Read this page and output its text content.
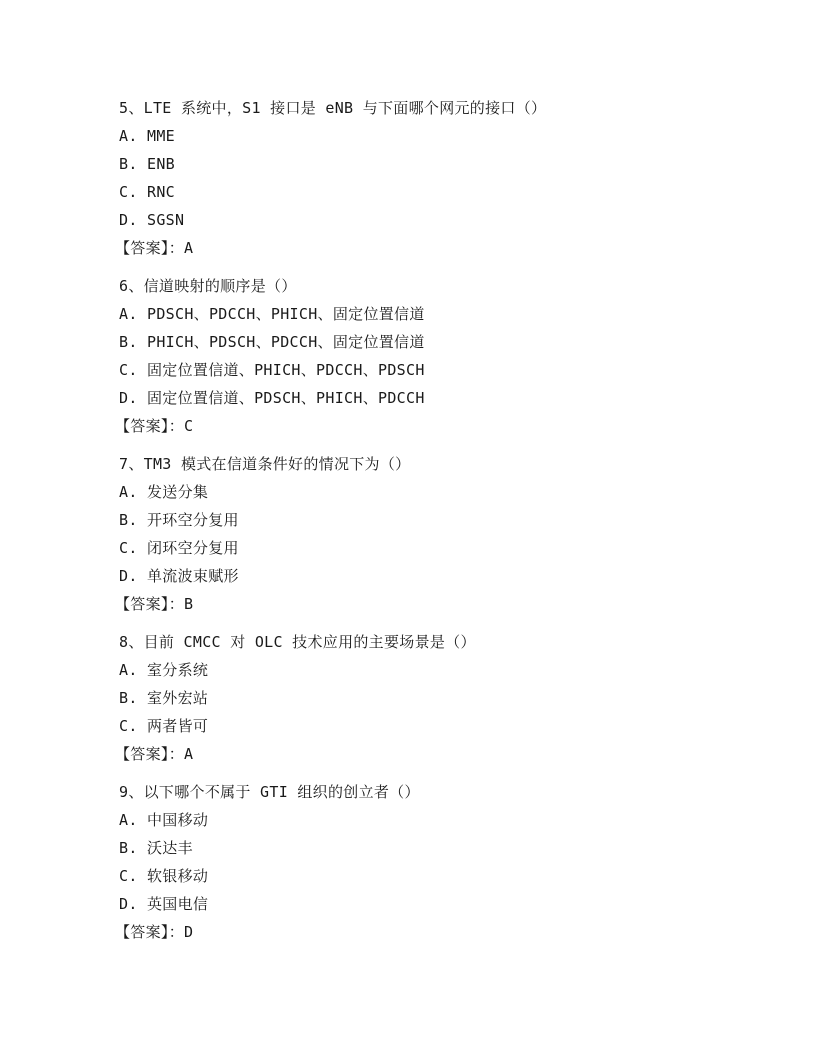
5、LTE 系统中，S1 接口是 eNB 与下面哪个网元的接口（）
A. MME
B. ENB
C. RNC
D. SGSN
【答案】：A
6、信道映射的顺序是（）
A. PDSCH、PDCCH、PHICH、固定位置信道
B. PHICH、PDSCH、PDCCH、固定位置信道
C. 固定位置信道、PHICH、PDCCH、PDSCH
D. 固定位置信道、PDSCH、PHICH、PDCCH
【答案】：C
7、TM3 模式在信道条件好的情况下为（）
A. 发送分集
B. 开环空分复用
C. 闭环空分复用
D. 单流波束赋形
【答案】：B
8、目前 CMCC 对 OLC 技术应用的主要场景是（）
A. 室分系统
B. 室外宏站
C. 两者皆可
【答案】：A
9、以下哪个不属于 GTI 组织的创立者（）
A. 中国移动
B. 沃达丰
C. 软银移动
D. 英国电信
【答案】：D
